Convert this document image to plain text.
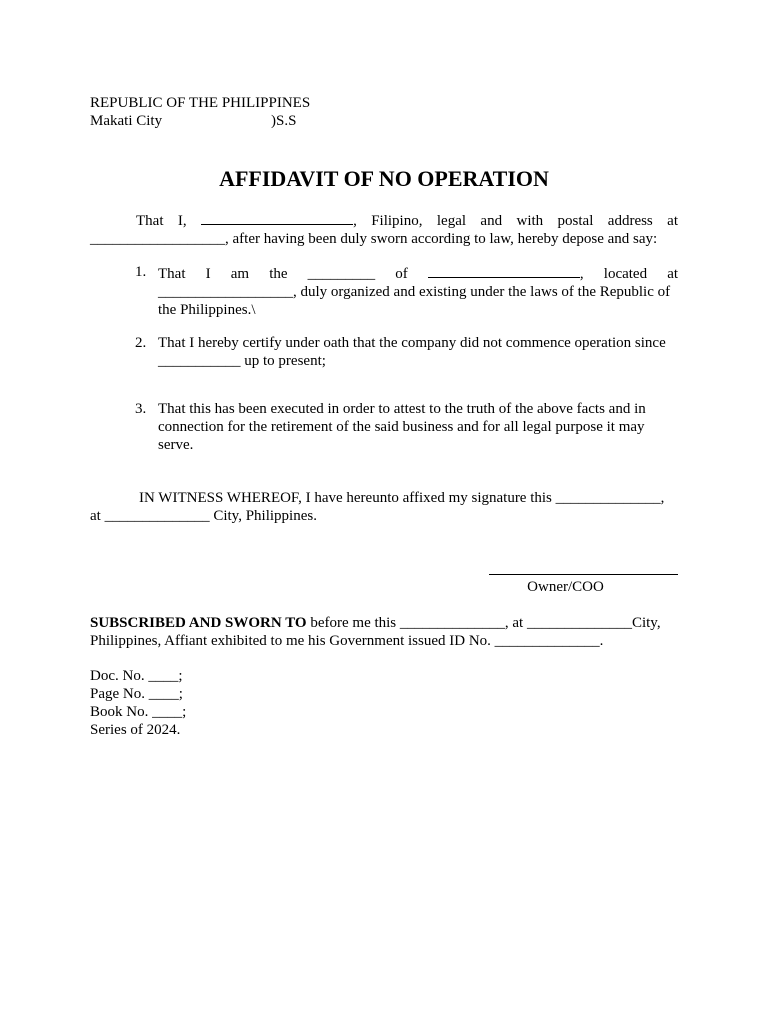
REPUBLIC OF THE PHILIPPINES
Makati City	)S.S
AFFIDAVIT OF NO OPERATION
That I,	, Filipino, legal and with postal address at
__________________, after having been duly sworn according to law, hereby depose and say:
1. That I am the _________ of	, located at
__________________, duly organized and existing under the laws of the Republic of
the Philippines.\
2. That I hereby certify under oath that the company did not commence operation since
___________ up to present;
3. That this has been executed in order to attest to the truth of the above facts and in
connection for the retirement of the said business and for all legal purpose it may
serve.
IN WITNESS WHEREOF, I have hereunto affixed my signature this ______________,
at ______________ City, Philippines.
Owner/COO
SUBSCRIBED AND SWORN TO before me this ______________, at ______________City,
Philippines, Affiant exhibited to me his Government issued ID No. ______________.
Doc. No. ____;
Page No. ____;
Book No. ____;
Series of 2024.
